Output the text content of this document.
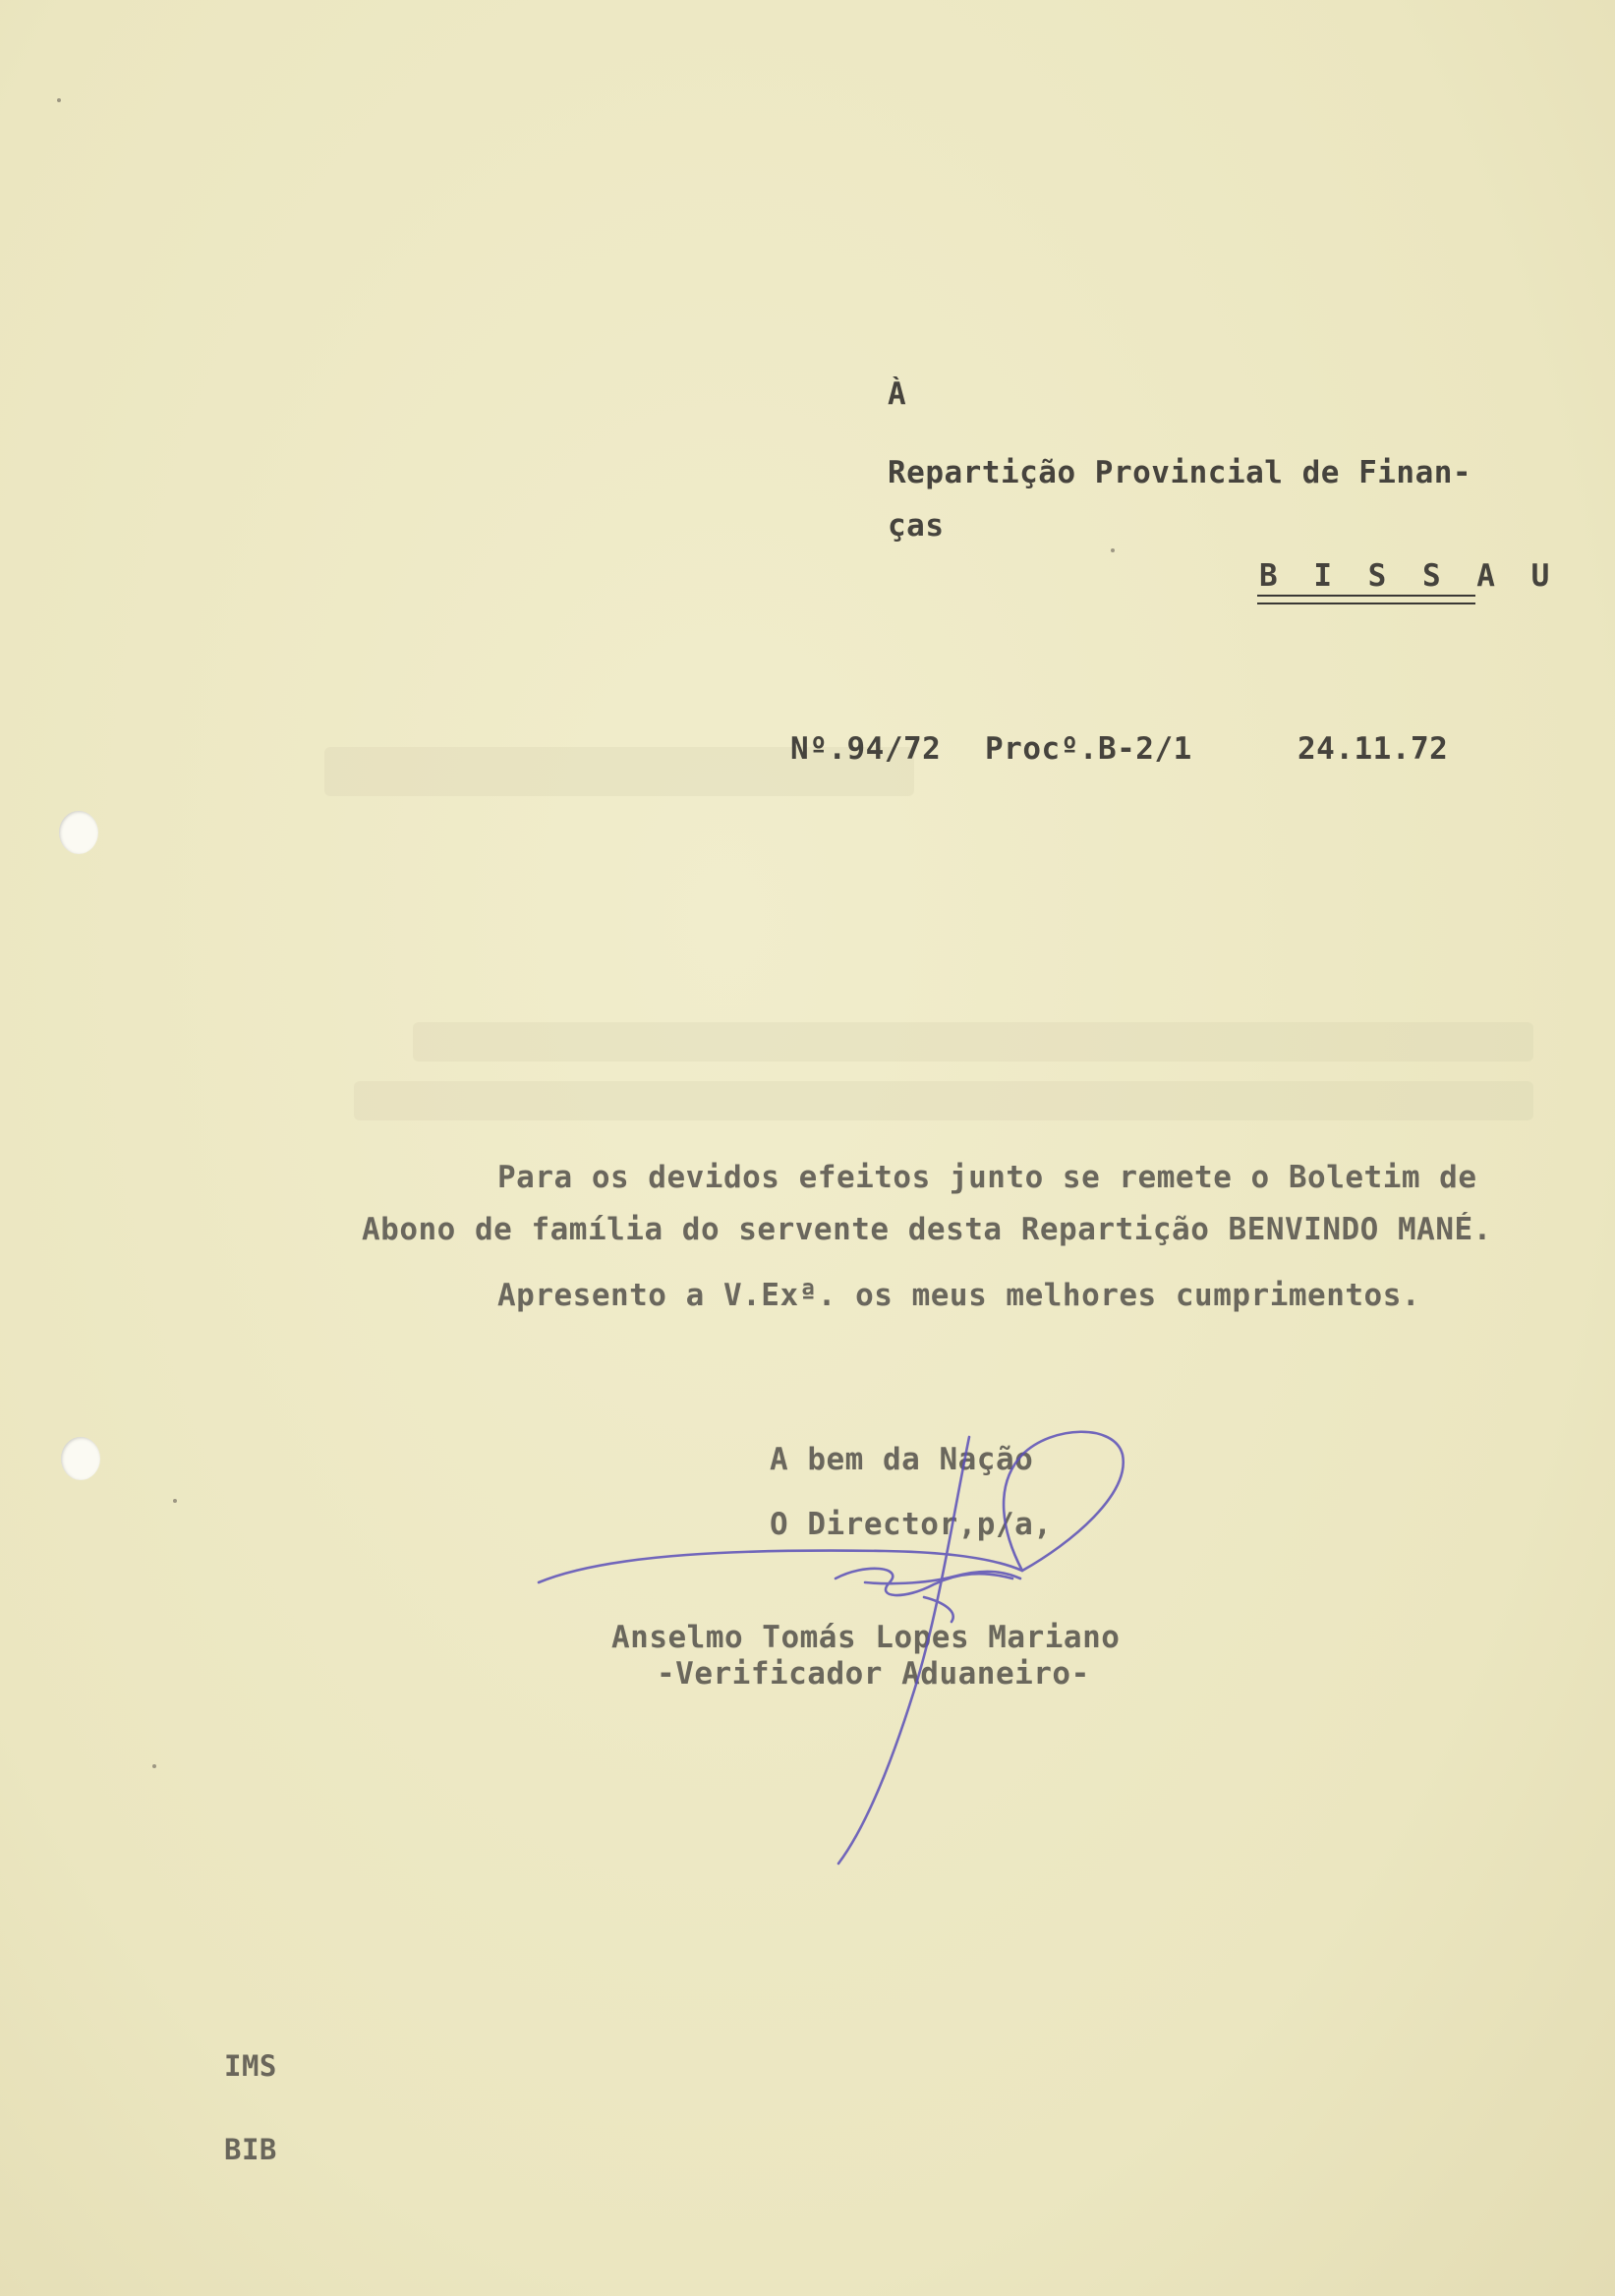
À
Repartição Provincial de Finan-
ças
B I S S A U
Nº.94/72 Procº.B-2/1	24.11.72
Para os devidos efeitos junto se remete o Boletim de
Abono de família do servente desta Repartição BENVINDO MANÉ.
Apresento a V.Exª. os meus melhores cumprimentos.
A bem da Nação
O Director,p/a,
Anselmo Tomás Lopes Mariano
-Verificador Aduaneiro-
IMS
BIB
